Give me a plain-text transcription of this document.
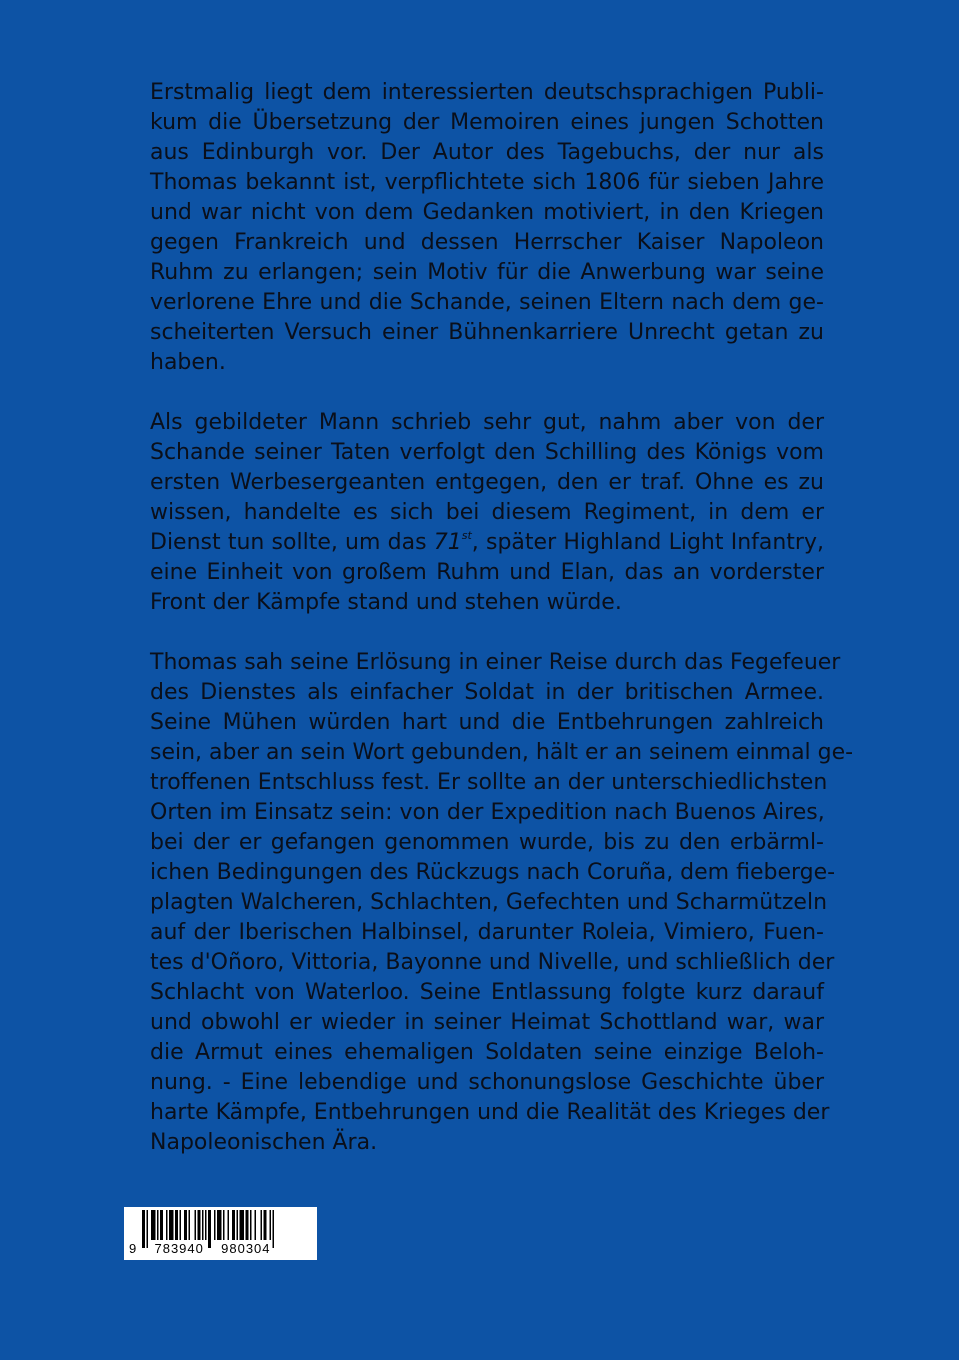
Erstmalig liegt dem interessierten deutschsprachigen Publi-
kum die Übersetzung der Memoiren eines jungen Schotten
aus Edinburgh vor. Der Autor des Tagebuchs, der nur als
Thomas bekannt ist, verpflichtete sich 1806 für sieben Jahre
und war nicht von dem Gedanken motiviert, in den Kriegen
gegen Frankreich und dessen Herrscher Kaiser Napoleon
Ruhm zu erlangen; sein Motiv für die Anwerbung war seine
verlorene Ehre und die Schande, seinen Eltern nach dem ge-
scheiterten Versuch einer Bühnenkarriere Unrecht getan zu
haben.

Als gebildeter Mann schrieb sehr gut, nahm aber von der
Schande seiner Taten verfolgt den Schilling des Königs vom
ersten Werbesergeanten entgegen, den er traf. Ohne es zu
wissen, handelte es sich bei diesem Regiment, in dem er
Dienst tun sollte, um das 71st, später Highland Light Infantry,
eine Einheit von großem Ruhm und Elan, das an vorderster
Front der Kämpfe stand und stehen würde.

Thomas sah seine Erlösung in einer Reise durch das Fegefeuer
des Dienstes als einfacher Soldat in der britischen Armee.
Seine Mühen würden hart und die Entbehrungen zahlreich
sein, aber an sein Wort gebunden, hält er an seinem einmal ge-
troffenen Entschluss fest. Er sollte an der unterschiedlichsten
Orten im Einsatz sein: von der Expedition nach Buenos Aires,
bei der er gefangen genommen wurde, bis zu den erbärml-
ichen Bedingungen des Rückzugs nach Coruña, dem fieberge-
plagten Walcheren, Schlachten, Gefechten und Scharmützeln
auf der Iberischen Halbinsel, darunter Roleia, Vimiero, Fuen-
tes d'Oñoro, Vittoria, Bayonne und Nivelle, und schließlich der
Schlacht von Waterloo. Seine Entlassung folgte kurz darauf
und obwohl er wieder in seiner Heimat Schottland war, war
die Armut eines ehemaligen Soldaten seine einzige Beloh-
nung. - Eine lebendige und schonungslose Geschichte über
harte Kämpfe, Entbehrungen und die Realität des Krieges der
Napoleonischen Ära.

9 783940 980304
